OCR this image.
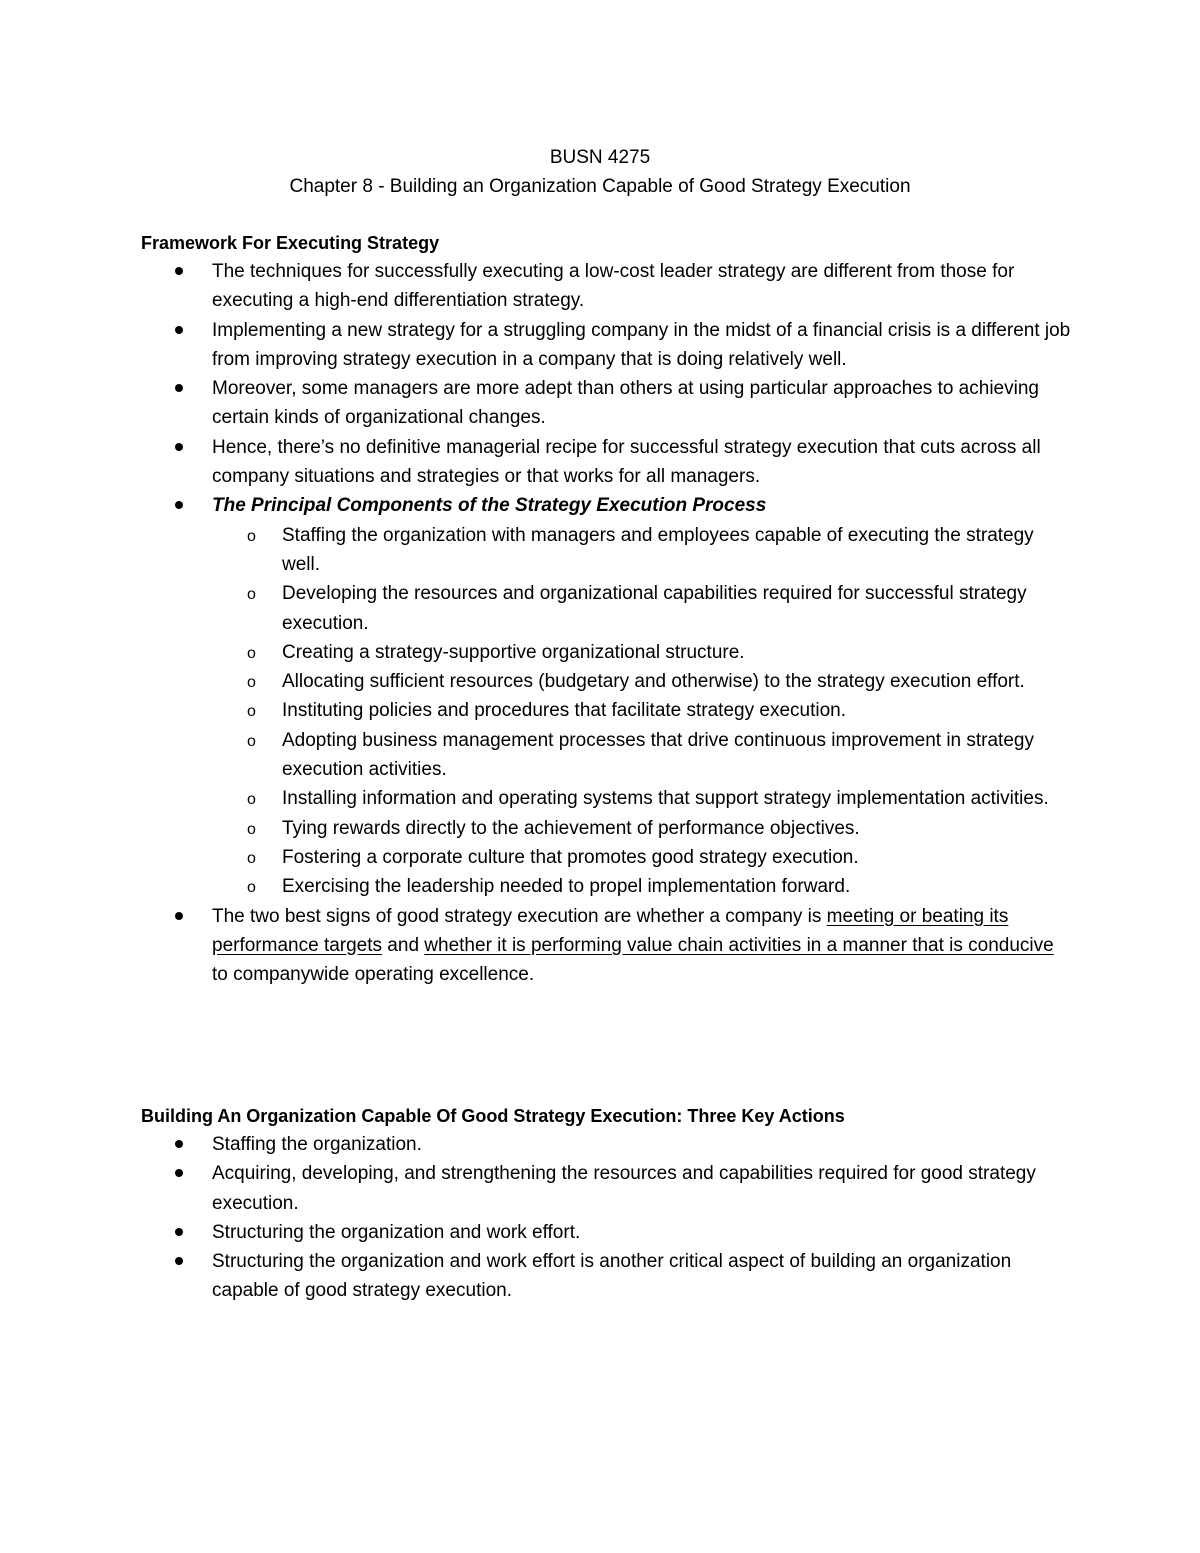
BUSN 4275
Chapter 8 - Building an Organization Capable of Good Strategy Execution
Framework For Executing Strategy
The techniques for successfully executing a low-cost leader strategy are different from those for executing a high-end differentiation strategy.
Implementing a new strategy for a struggling company in the midst of a financial crisis is a different job from improving strategy execution in a company that is doing relatively well.
Moreover, some managers are more adept than others at using particular approaches to achieving certain kinds of organizational changes.
Hence, there’s no definitive managerial recipe for successful strategy execution that cuts across all company situations and strategies or that works for all managers.
The Principal Components of the Strategy Execution Process
o Staffing the organization with managers and employees capable of executing the strategy well.
o Developing the resources and organizational capabilities required for successful strategy execution.
o Creating a strategy-supportive organizational structure.
o Allocating sufficient resources (budgetary and otherwise) to the strategy execution effort.
o Instituting policies and procedures that facilitate strategy execution.
o Adopting business management processes that drive continuous improvement in strategy execution activities.
o Installing information and operating systems that support strategy implementation activities.
o Tying rewards directly to the achievement of performance objectives.
o Fostering a corporate culture that promotes good strategy execution.
o Exercising the leadership needed to propel implementation forward.
The two best signs of good strategy execution are whether a company is meeting or beating its performance targets and whether it is performing value chain activities in a manner that is conducive to companywide operating excellence.
Building An Organization Capable Of Good Strategy Execution: Three Key Actions
Staffing the organization.
Acquiring, developing, and strengthening the resources and capabilities required for good strategy execution.
Structuring the organization and work effort.
Structuring the organization and work effort is another critical aspect of building an organization capable of good strategy execution.
